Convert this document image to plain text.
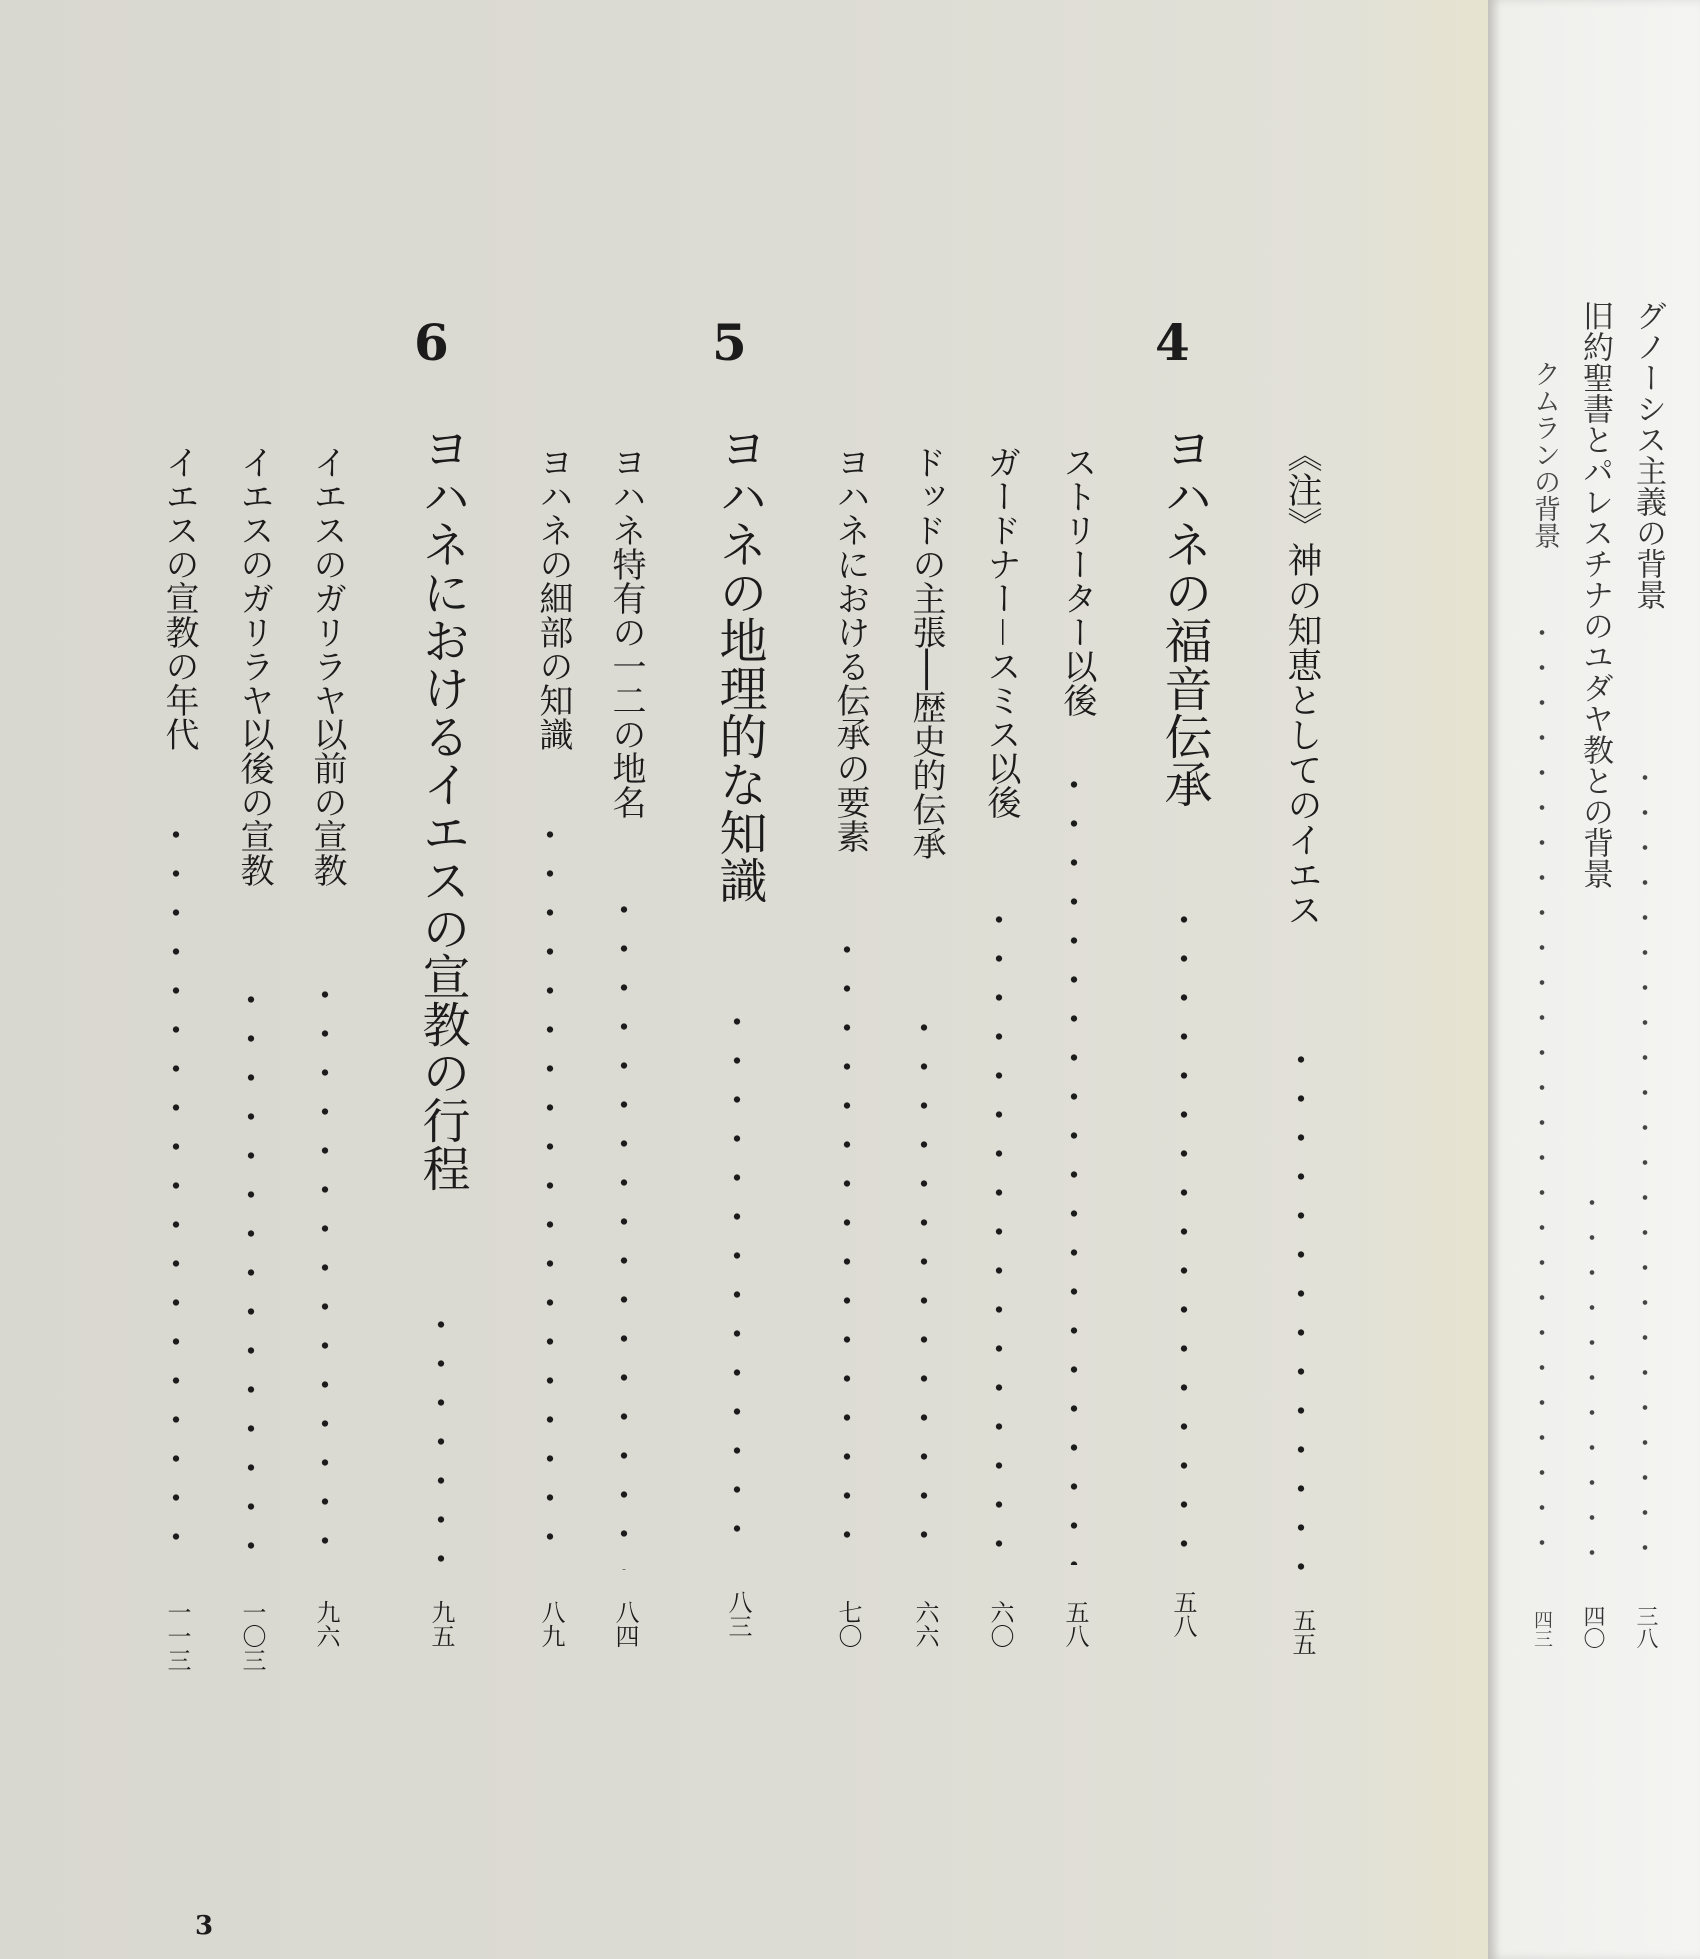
4
ヨハネの福音伝承
五八
《注》神の知恵としてのイエス
五五
ストリーター以後
五八
ガードナー－スミス以後
六〇
ドッドの主張──歴史的伝承
六六
ヨハネにおける伝承の要素
七〇
5
ヨハネの地理的な知識
八三
ヨハネ特有の一二の地名
八四
ヨハネの細部の知識
八九
6
ヨハネにおけるイエスの宣教の行程
九五
イエスのガリラヤ以前の宣教
九六
イエスのガリラヤ以後の宣教
一〇三
イエスの宣教の年代
一一三
3
グノーシス主義の背景
三八
旧約聖書とパレスチナのユダヤ教との背景
四〇
クムランの背景
四三
